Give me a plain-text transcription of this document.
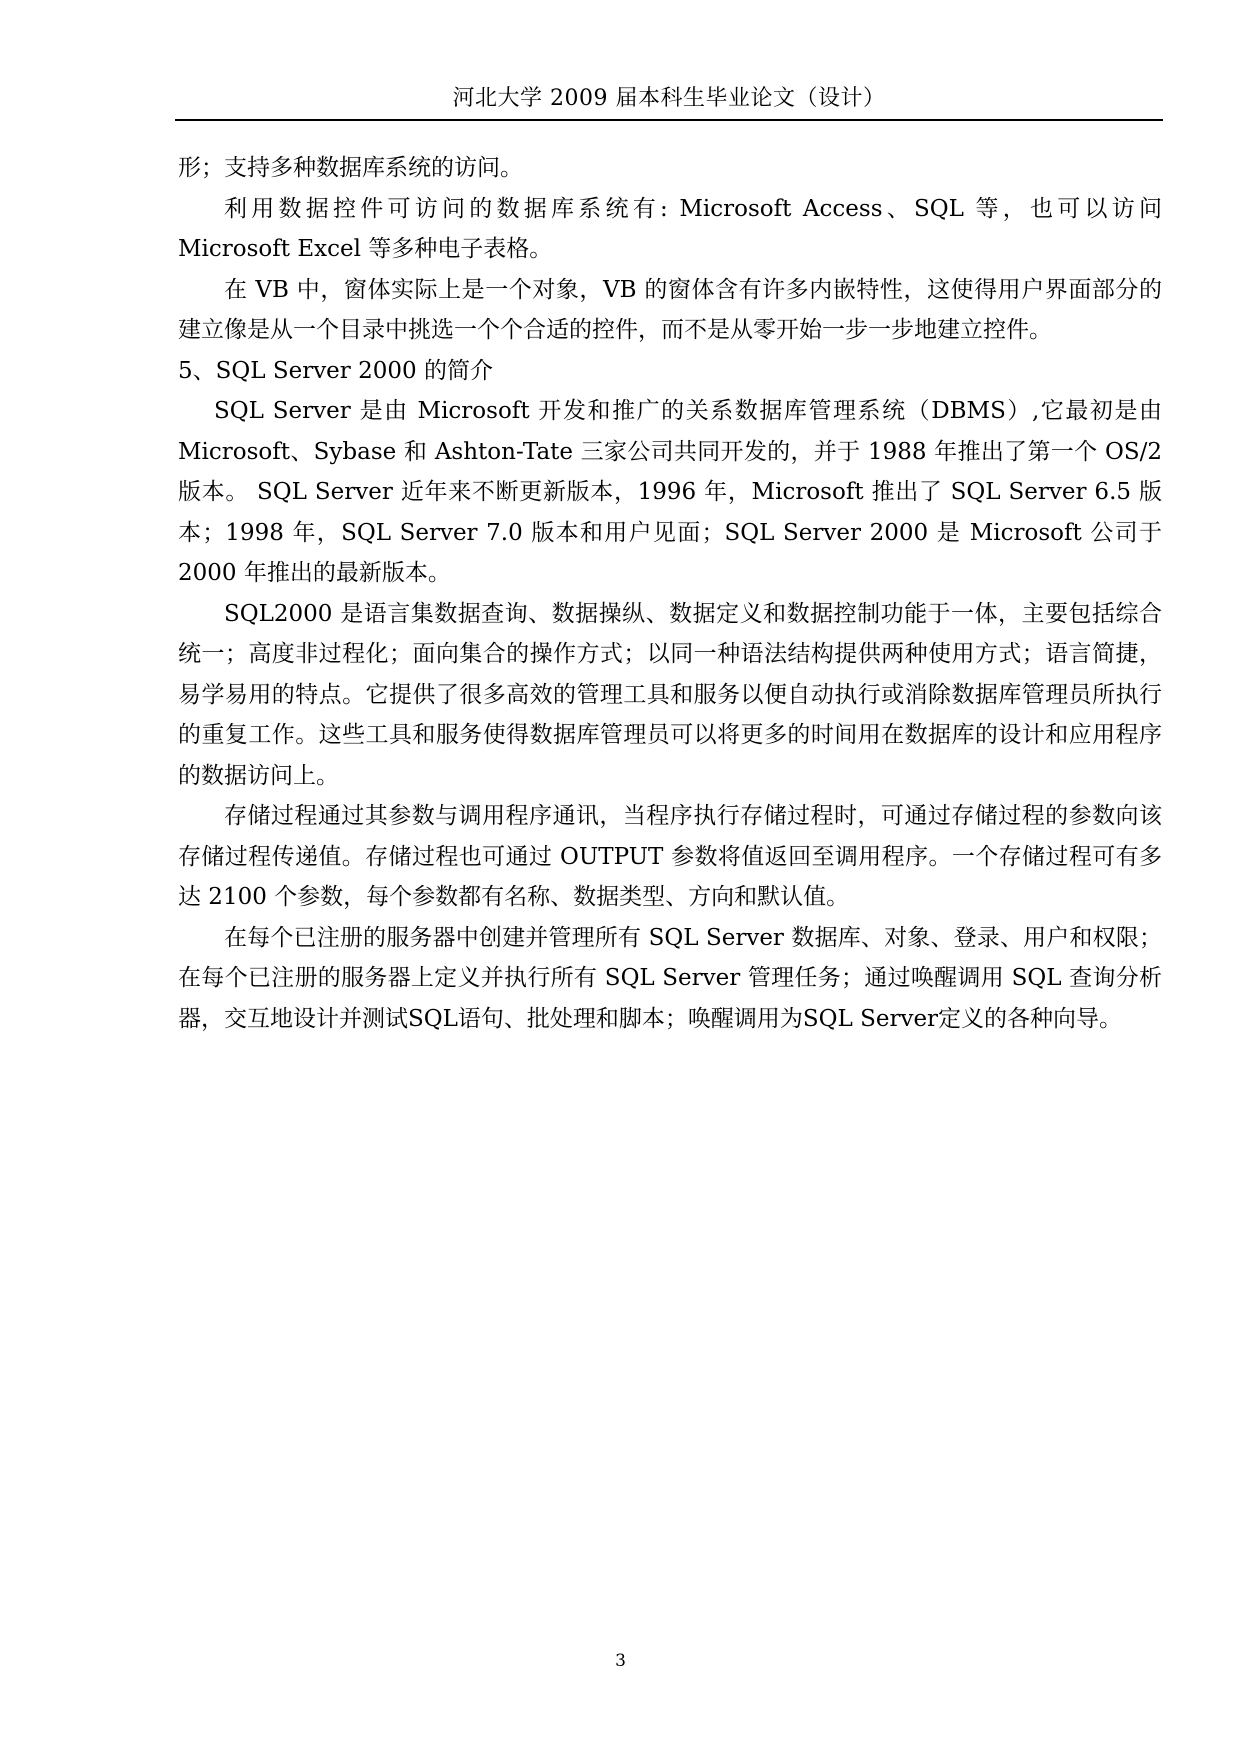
河北大学 2009 届本科生毕业论文（设计）

形；支持多种数据库系统的访问。

利用数据控件可访问的数据库系统有: Microsoft Access、SQL 等，也可以访问 Microsoft Excel 等多种电子表格。

在 VB 中，窗体实际上是一个对象，VB 的窗体含有许多内嵌特性，这使得用户界面部分的建立像是从一个目录中挑选一个个合适的控件，而不是从零开始一步一步地建立控件。

5、SQL Server 2000 的简介

SQL Server 是由 Microsoft 开发和推广的关系数据库管理系统（DBMS）,它最初是由 Microsoft、Sybase 和 Ashton-Tate 三家公司共同开发的，并于 1988 年推出了第一个 OS/2 版本。 SQL Server 近年来不断更新版本，1996 年，Microsoft 推出了 SQL Server 6.5 版本；1998 年，SQL Server 7.0 版本和用户见面；SQL Server 2000 是 Microsoft 公司于 2000 年推出的最新版本。

SQL2000 是语言集数据查询、数据操纵、数据定义和数据控制功能于一体，主要包括综合统一；高度非过程化；面向集合的操作方式；以同一种语法结构提供两种使用方式；语言简捷，易学易用的特点。它提供了很多高效的管理工具和服务以便自动执行或消除数据库管理员所执行的重复工作。这些工具和服务使得数据库管理员可以将更多的时间用在数据库的设计和应用程序的数据访问上。

存储过程通过其参数与调用程序通讯，当程序执行存储过程时，可通过存储过程的参数向该存储过程传递值。存储过程也可通过 OUTPUT 参数将值返回至调用程序。一个存储过程可有多达 2100 个参数，每个参数都有名称、数据类型、方向和默认值。

在每个已注册的服务器中创建并管理所有 SQL Server 数据库、对象、登录、用户和权限；在每个已注册的服务器上定义并执行所有 SQL Server 管理任务；通过唤醒调用 SQL 查询分析器，交互地设计并测试SQL语句、批处理和脚本；唤醒调用为SQL Server定义的各种向导。

3
